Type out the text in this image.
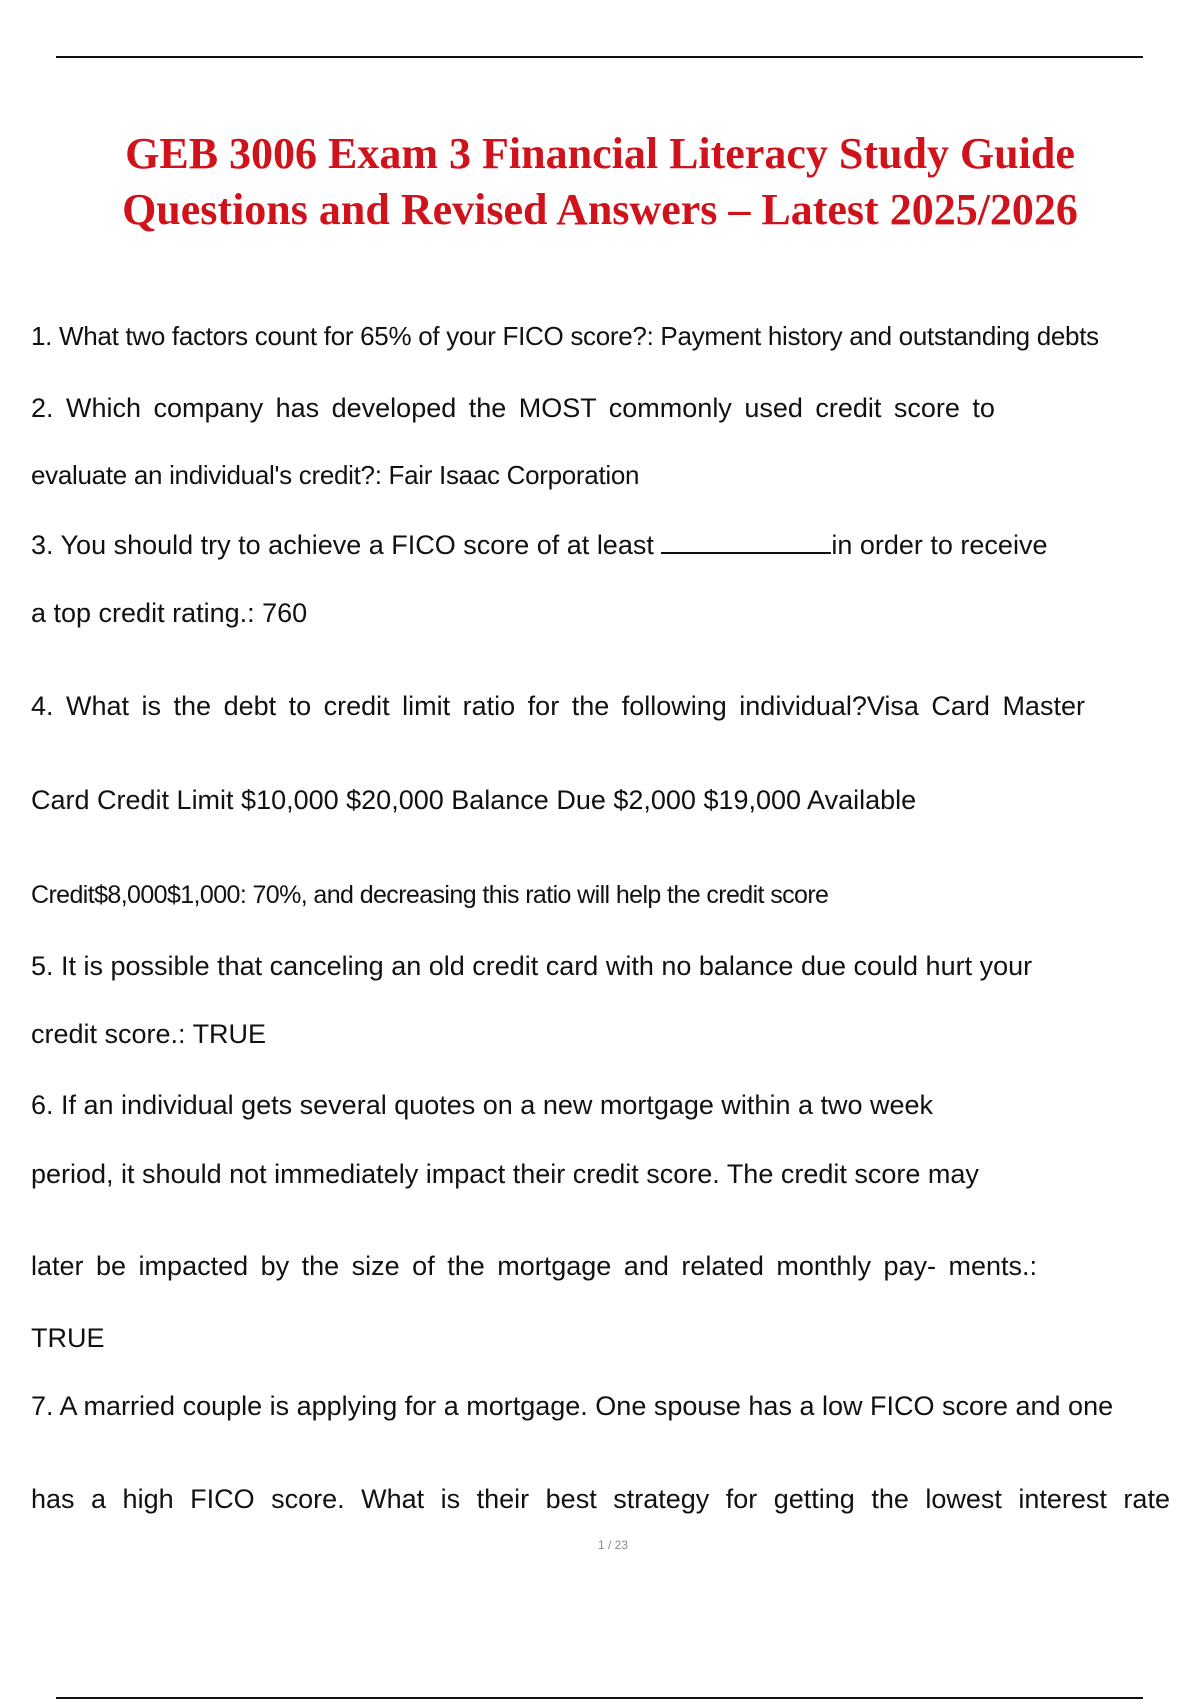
GEB 3006 Exam 3 Financial Literacy Study Guide
Questions and Revised Answers – Latest 2025/2026
1. What two factors count for 65% of your FICO score?: Payment history and outstanding debts
2. Which company has developed the MOST commonly used credit score to
evaluate an individual's credit?: Fair Isaac Corporation
3. You should try to achieve a FICO score of at least	in order to receive
a top credit rating.: 760
4. What is the debt to credit limit ratio for the following individual?Visa Card Master
Card Credit Limit $10,000 $20,000 Balance Due $2,000 $19,000 Available
Credit$8,000$1,000: 70%, and decreasing this ratio will help the credit score
5. It is possible that canceling an old credit card with no balance due could hurt your
credit score.: TRUE
6. If an individual gets several quotes on a new mortgage within a two week
period, it should not immediately impact their credit score. The credit score may
later be impacted by the size of the mortgage and related monthly pay- ments.:
TRUE
7. A married couple is applying for a mortgage. One spouse has a low FICO score and one
has a high FICO score. What is their best strategy for getting the lowest interest rate
1 / 23
